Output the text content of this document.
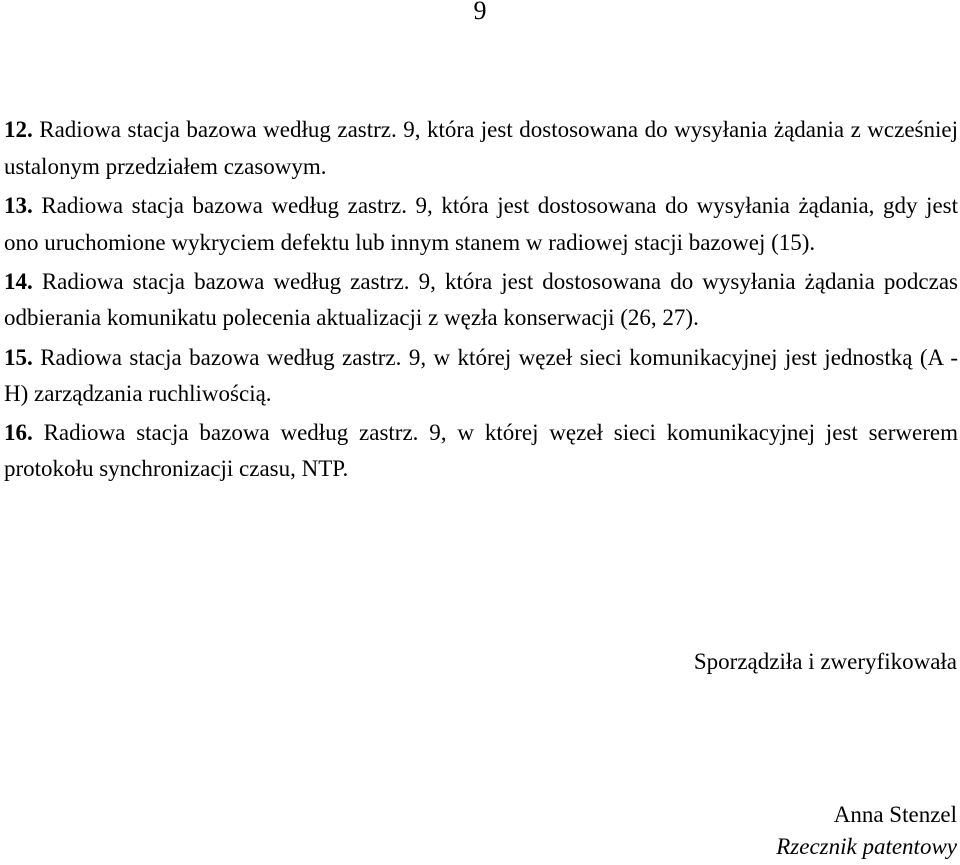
9

12. Radiowa stacja bazowa według zastrz. 9, która jest dostosowana do wysyłania żądania z wcześniej ustalonym przedziałem czasowym.

13. Radiowa stacja bazowa według zastrz. 9, która jest dostosowana do wysyłania żądania, gdy jest ono uruchomione wykryciem defektu lub innym stanem w radiowej stacji bazowej (15).

14. Radiowa stacja bazowa według zastrz. 9, która jest dostosowana do wysyłania żądania podczas odbierania komunikatu polecenia aktualizacji z węzła konserwacji (26, 27).

15. Radiowa stacja bazowa według zastrz. 9, w której węzeł sieci komunikacyjnej jest jednostką (A - H) zarządzania ruchliwością.

16. Radiowa stacja bazowa według zastrz. 9, w której węzeł sieci komunikacyjnej jest serwerem protokołu synchronizacji czasu, NTP.

Sporządziła i zweryfikowała
Anna Stenzel
Rzecznik patentowy
